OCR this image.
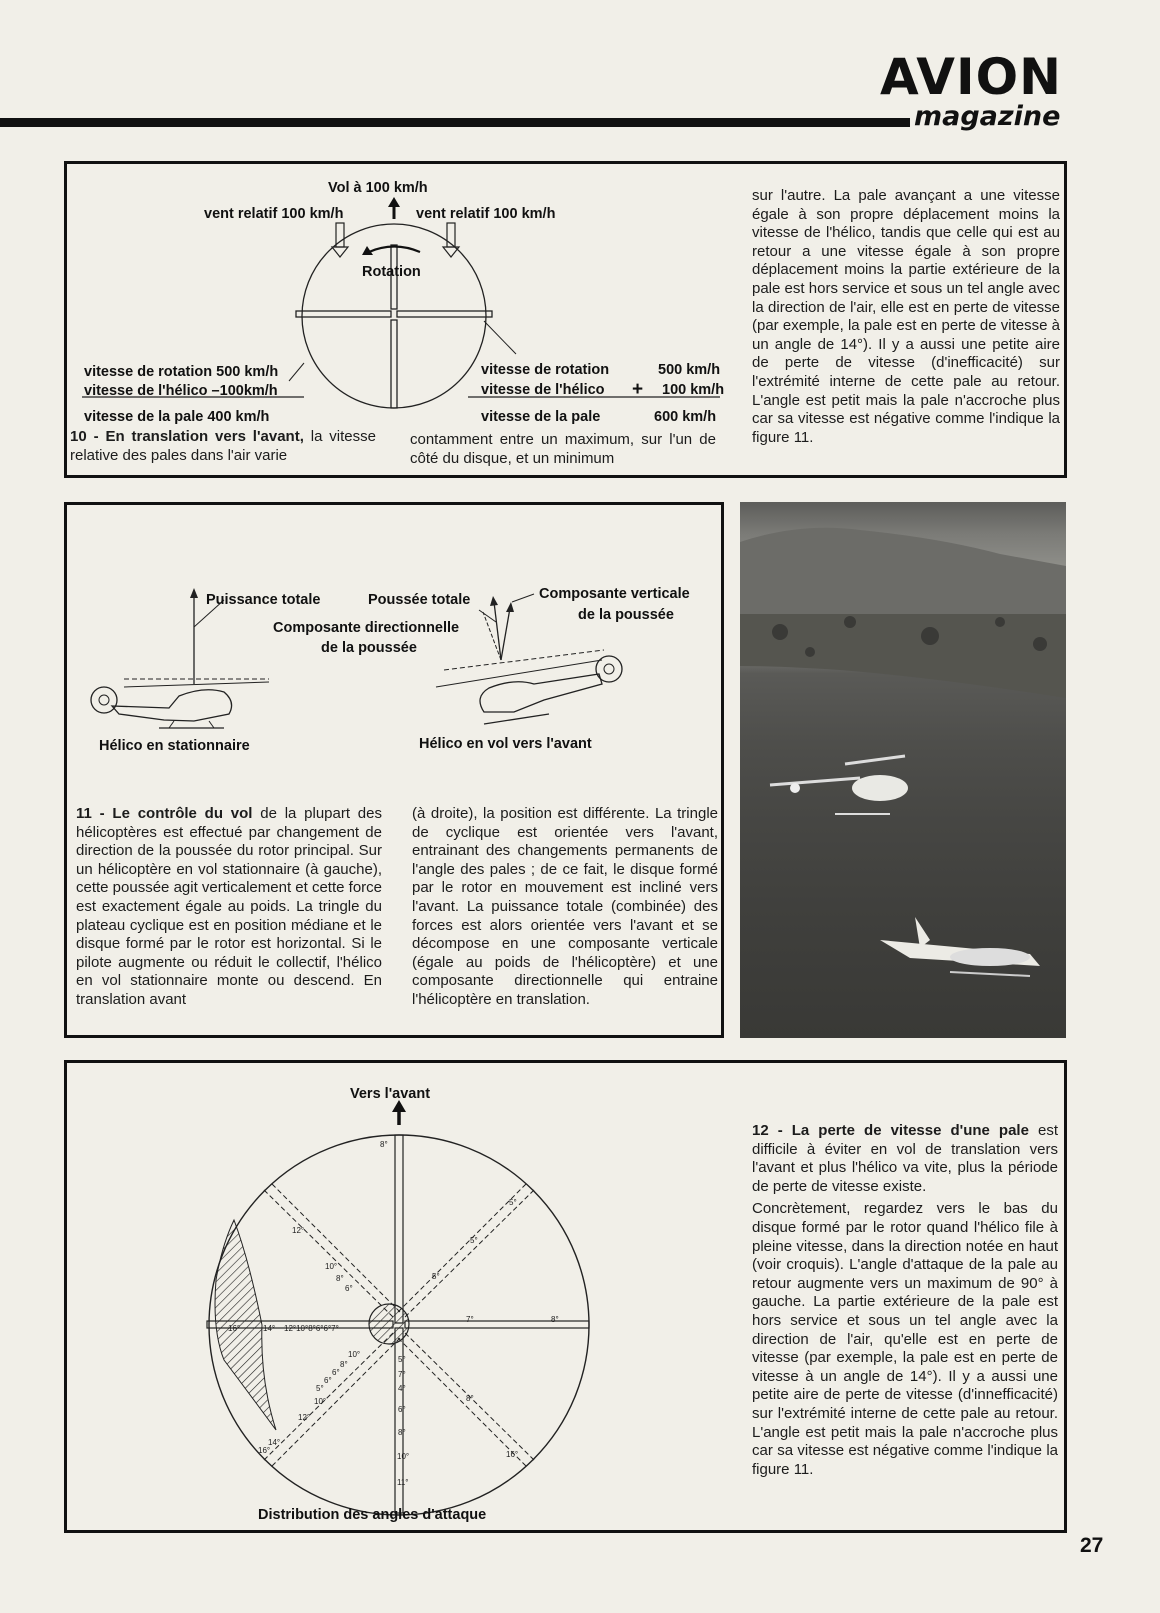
AVION
magazine
Vol à 100 km/h
vent relatif 100 km/h	vent relatif 100 km/h
Rotation
vitesse de rotation 500 km/h
vitesse de l'hélico –100km/h
vitesse de la pale 400 km/h
vitesse de rotation	500 km/h
vitesse de l'hélico + 100 km/h
vitesse de la pale	600 km/h
10 - En translation vers l'avant, la vitesse relative des pales dans l'air varie
contamment entre un maximum, sur l'un de côté du disque, et un minimum
sur l'autre. La pale avançant a une vitesse égale à son propre déplacement moins la vitesse de l'hélico, tandis que celle qui est au retour a une vitesse égale à son propre déplacement moins la partie extérieure de la pale est hors service et sous un tel angle avec la direction de l'air, elle est en perte de vitesse (par exemple, la pale est en perte de vitesse à un angle de 14°). Il y a aussi une petite aire de perte de vitesse (d'inefficacité) sur l'extrémité interne de cette pale au retour. L'angle est petit mais la pale n'accroche plus car sa vitesse est négative comme l'indique la figure 11.
Puissance totale	Poussée totale	Composante verticale
de la poussée
Composante directionnelle
de la poussée
Hélico en stationnaire	Hélico en vol vers l'avant
11 - Le contrôle du vol de la plupart des hélicoptères est effectué par changement de direction de la poussée du rotor principal. Sur un hélicoptère en vol stationnaire (à gauche), cette poussée agit verticalement et cette force est exactement égale au poids. La tringle du plateau cyclique est en position médiane et le disque formé par le rotor est horizontal. Si le pilote augmente ou réduit le collectif, l'hélico en vol stationnaire monte ou descend. En translation avant
(à droite), la position est différente. La tringle de cyclique est orientée vers l'avant, entrainant des changements permanents de l'angle des pales ; de ce fait, le disque formé par le rotor en mouvement est incliné vers l'avant. La puissance totale (combinée) des forces est alors orientée vers l'avant et se décompose en une composante verticale (égale au poids de l'hélicoptère) et une composante directionnelle qui entraine l'hélicoptère en translation.
Vers l'avant
Distribution des angles d'attaque
8°
5°
5°
5°
7°	8°
12°
10°
8°
6°
16°	14° 12°10°8°6°6°7°
10°
8°
6°
6°
5°
12°
10°
14°
16°
5°
7°
4°
6°
8°
10°
11°
8°
16°

12 - La perte de vitesse d'une pale est difficile à éviter en vol de translation vers l'avant et plus l'hélico va vite, plus la période de perte de vitesse existe.

Concrètement, regardez vers le bas du disque formé par le rotor quand l'hélico file à pleine vitesse, dans la direction notée en haut (voir croquis). L'angle d'attaque de la pale au retour augmente vers un maximum de 90° à gauche. La partie extérieure de la pale est hors service et sous un tel angle avec la direction de l'air, qu'elle est en perte de vitesse (par exemple, la pale est en perte de vitesse à un angle de 14°). Il y a aussi une petite aire de perte de vitesse (d'innefficacité) sur l'extrémité interne de cette pale au retour. L'angle est petit mais la pale n'accroche plus car sa vitesse est négative comme l'indique la figure 11.

27
